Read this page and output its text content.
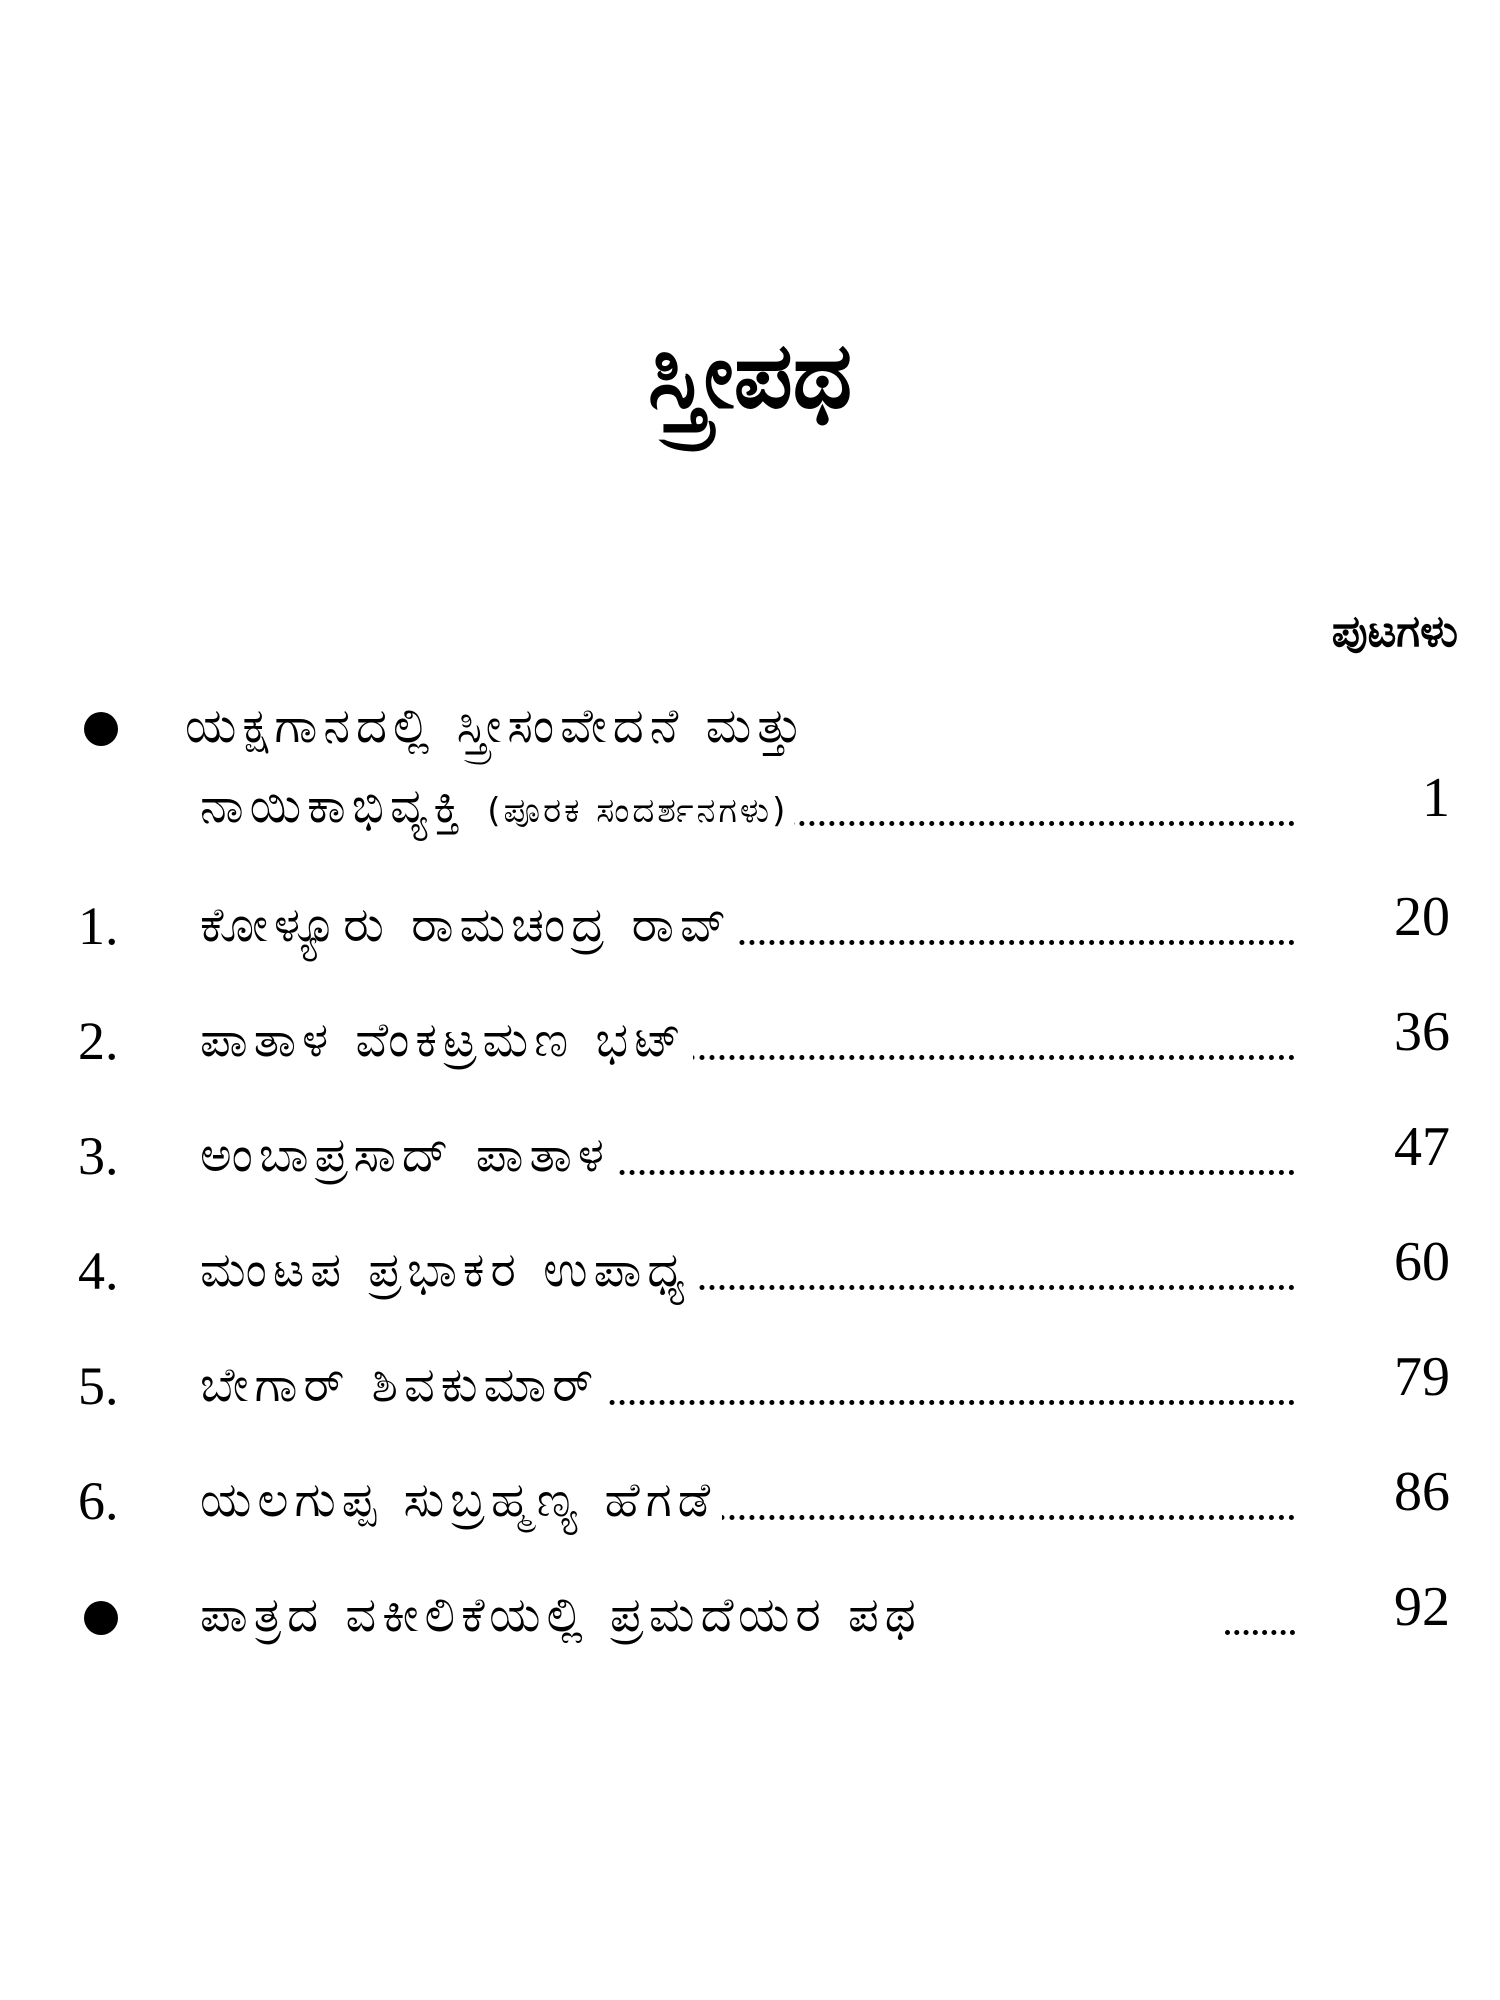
ಸ್ತ್ರೀಪಥ
ಪುಟಗಳು
ಯಕ್ಷಗಾನದಲ್ಲಿ ಸ್ತ್ರೀಸಂವೇದನೆ ಮತ್ತು
ನಾಯಿಕಾಭಿವ್ಯಕ್ತಿ (ಪೂರಕ ಸಂದರ್ಶನಗಳು)	1
1.	ಕೋಳ್ಯೂರು ರಾಮಚಂದ್ರ ರಾವ್	20
2.	ಪಾತಾಳ ವೆಂಕಟ್ರಮಣ ಭಟ್	36
3.	ಅಂಬಾಪ್ರಸಾದ್ ಪಾತಾಳ	47
4.	ಮಂಟಪ ಪ್ರಭಾಕರ ಉಪಾಧ್ಯ	60
5.	ಬೇಗಾರ್ ಶಿವಕುಮಾರ್	79
6.	ಯಲಗುಪ್ಪ ಸುಬ್ರಹ್ಮಣ್ಯ ಹೆಗಡೆ	86
ಪಾತ್ರದ ವಕೀಲಿಕೆಯಲ್ಲಿ ಪ್ರಮದೆಯರ ಪಥ	92
